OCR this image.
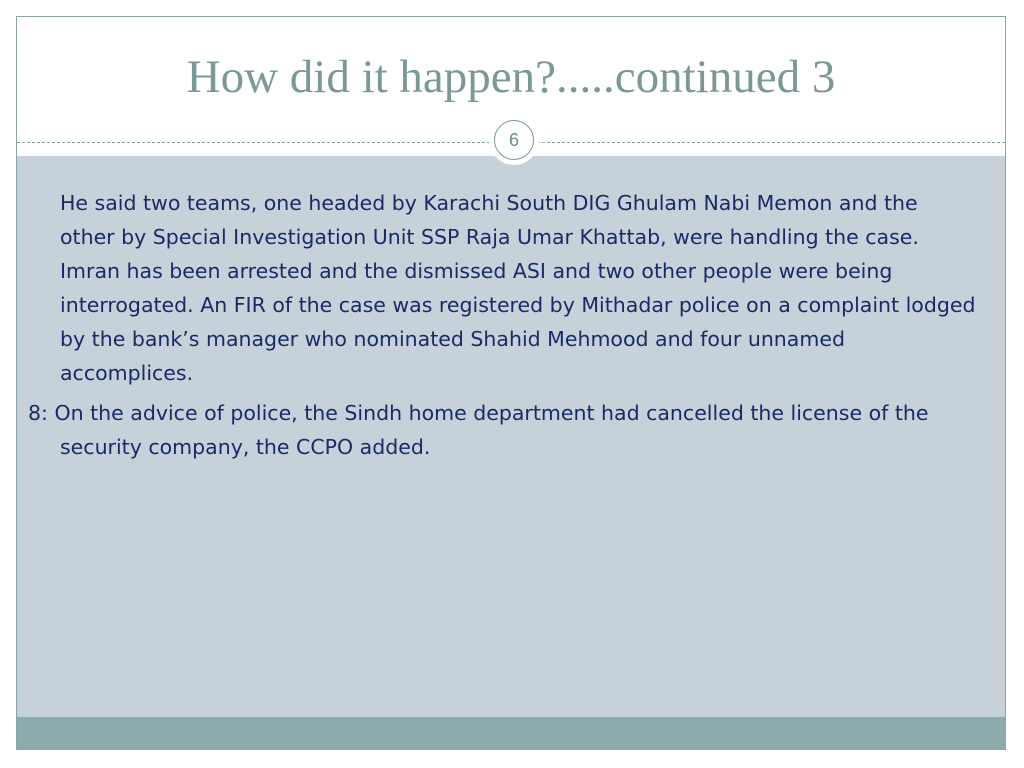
How did it happen?.....continued 3
6

He said two teams, one headed by Karachi South DIG Ghulam Nabi Memon and the other by Special Investigation Unit SSP Raja Umar Khattab, were handling the case. Imran has been arrested and the dismissed ASI and two other people were being interrogated. An FIR of the case was registered by Mithadar police on a complaint lodged by the bank’s manager who nominated Shahid Mehmood and four unnamed accomplices.

8: On the advice of police, the Sindh home department had cancelled the license of the security company, the CCPO added.
